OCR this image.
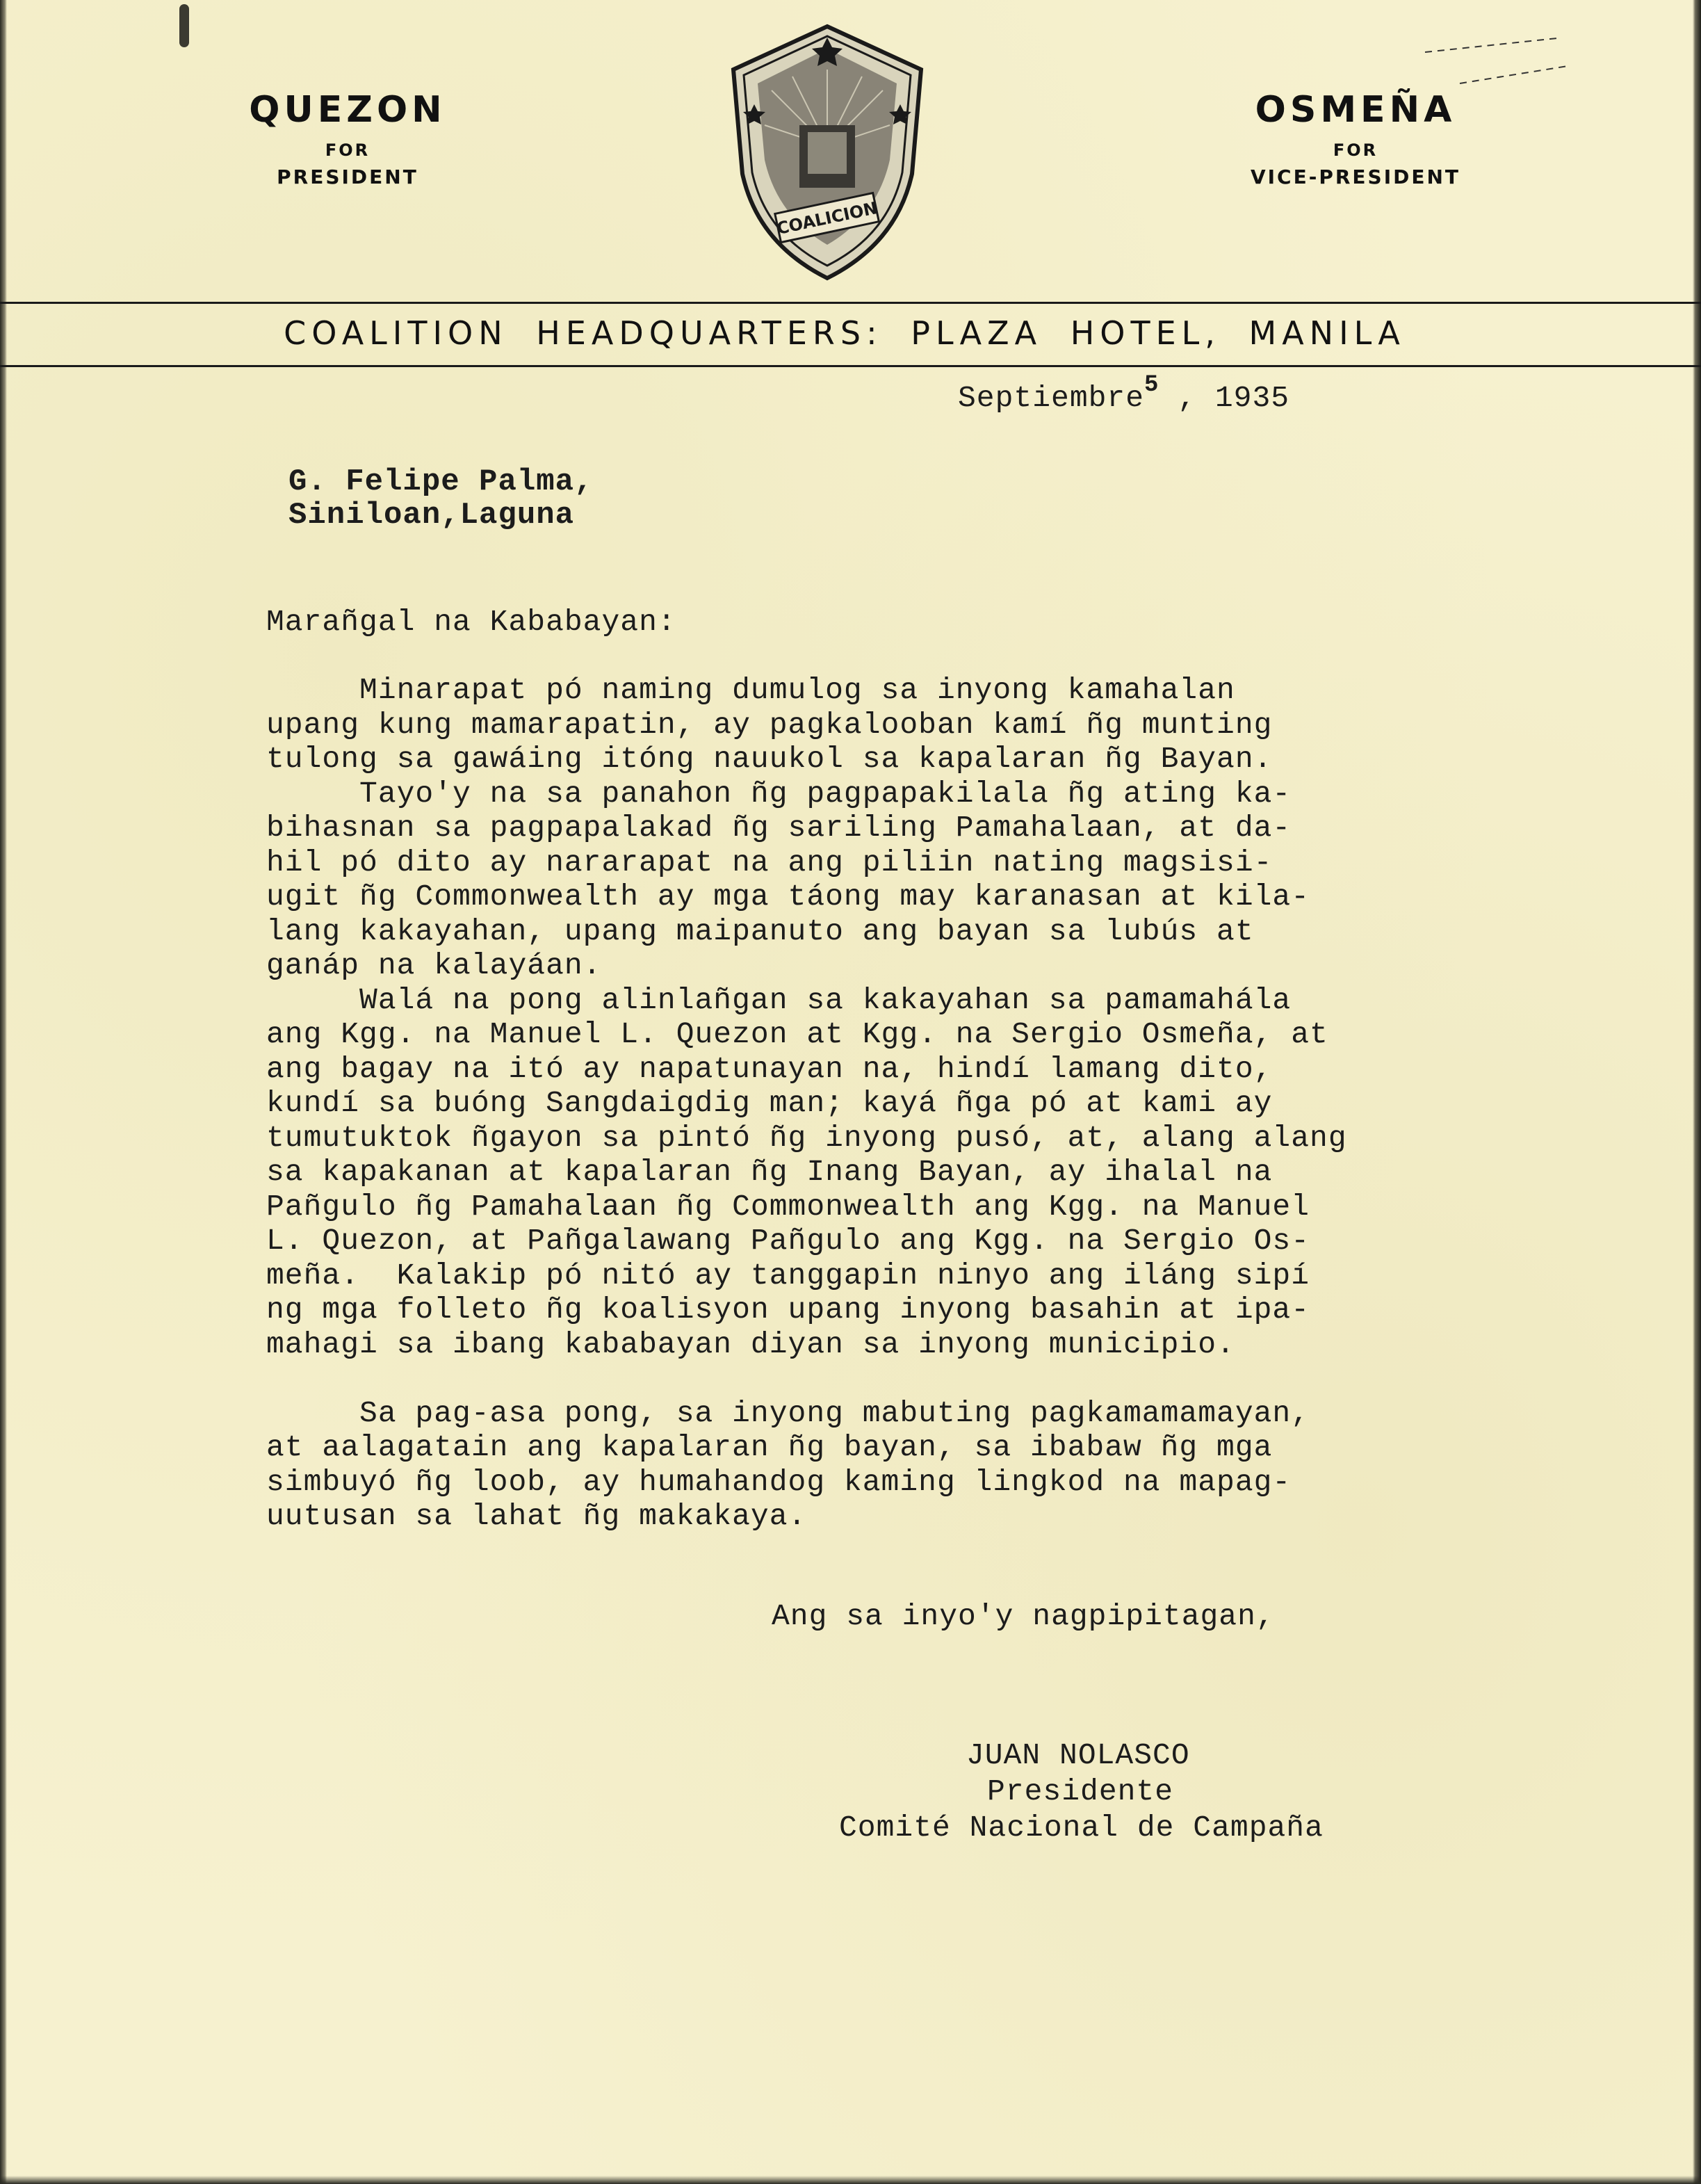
QUEZON
FOR
PRESIDENT
COALICION
OSMEÑA
FOR
VICE-PRESIDENT
COALITION HEADQUARTERS: PLAZA HOTEL, MANILA
Septiembre$^5$ , 1935
G. Felipe Palma,
Siniloan,Laguna
Marañgal na Kababayan:
Minarapat pó naming dumulog sa inyong kamahalan
upang kung mamarapatin, ay pagkalooban kamí ñg munting
tulong sa gawáing itóng nauukol sa kapalaran ñg Bayan.
Tayo'y na sa panahon ñg pagpapakilala ñg ating ka-
bihasnan sa pagpapalakad ñg sariling Pamahalaan, at da-
hil pó dito ay nararapat na ang piliin nating magsisi-
ugit ñg Commonwealth ay mga táong may karanasan at kila-
lang kakayahan, upang maipanuto ang bayan sa lubús at
ganáp na kalayáan.
Walá na pong alinlañgan sa kakayahan sa pamamahála
ang Kgg. na Manuel L. Quezon at Kgg. na Sergio Osmeña, at
ang bagay na itó ay napatunayan na, hindí lamang dito,
kundí sa buóng Sangdaigdig man; kayá ñga pó at kami ay
tumutuktok ñgayon sa pintó ñg inyong pusó, at, alang alang
sa kapakanan at kapalaran ñg Inang Bayan, ay ihalal na
Pañgulo ñg Pamahalaan ñg Commonwealth ang Kgg. na Manuel
L. Quezon, at Pañgalawang Pañgulo ang Kgg. na Sergio Os-
meña.  Kalakip pó nitó ay tanggapin ninyo ang iláng sipí
ng mga folleto ñg koalisyon upang inyong basahin at ipa-
mahagi sa ibang kababayan diyan sa inyong municipio.
Sa pag-asa pong, sa inyong mabuting pagkamamamayan,
at aalagatain ang kapalaran ñg bayan, sa ibabaw ñg mga
simbuyó ñg loob, ay humahandog kaming lingkod na mapag-
uutusan sa lahat ñg makakaya.
Ang sa inyo'y nagpipitagan,
JUAN NOLASCO
Presidente
Comité Nacional de Campaña
